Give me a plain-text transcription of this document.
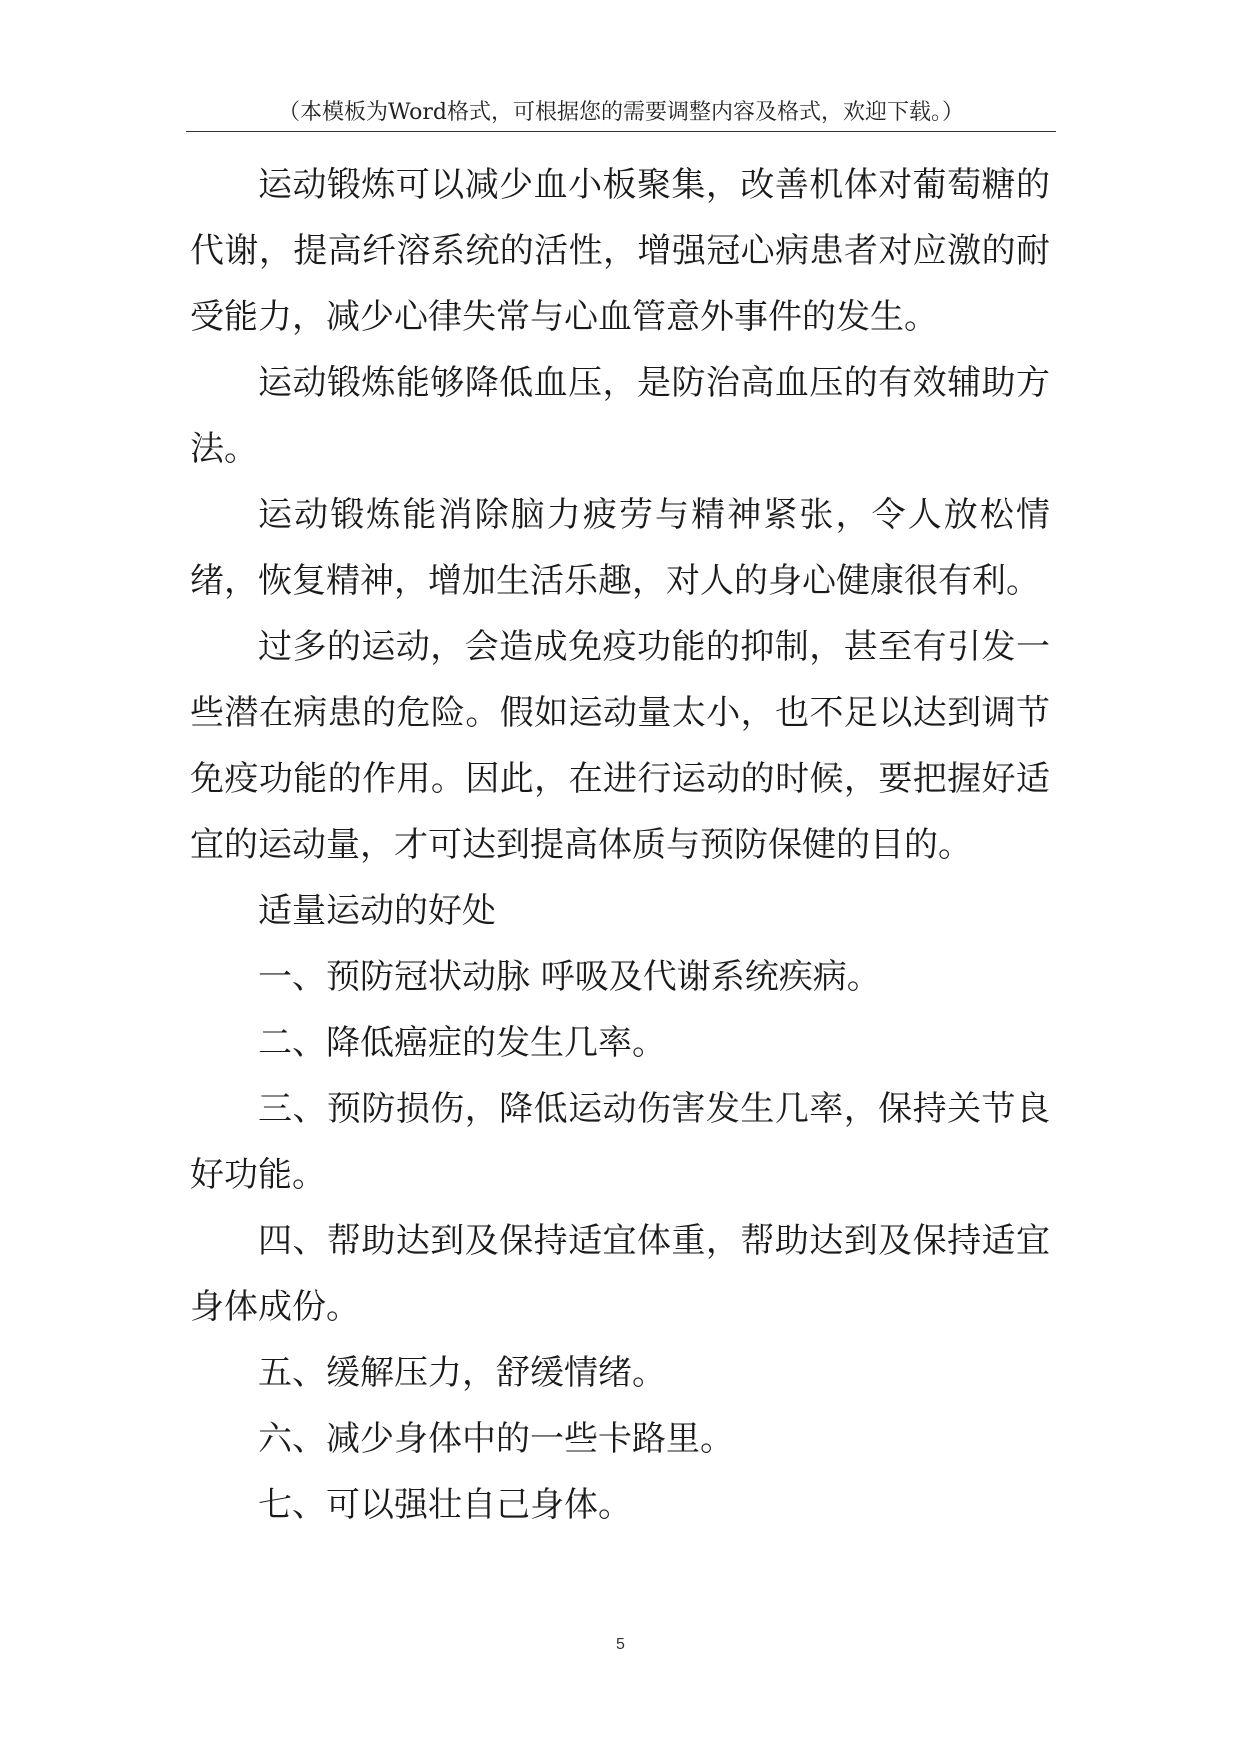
（本模板为Word格式，可根据您的需要调整内容及格式，欢迎下载。）

运动锻炼可以减少血小板聚集，改善机体对葡萄糖的代谢，提高纤溶系统的活性，增强冠心病患者对应激的耐受能力，减少心律失常与心血管意外事件的发生。

运动锻炼能够降低血压，是防治高血压的有效辅助方法。

运动锻炼能消除脑力疲劳与精神紧张，令人放松情绪，恢复精神，增加生活乐趣，对人的身心健康很有利。

过多的运动，会造成免疫功能的抑制，甚至有引发一些潜在病患的危险。假如运动量太小，也不足以达到调节免疫功能的作用。因此，在进行运动的时候，要把握好适宜的运动量，才可达到提高体质与预防保健的目的。

适量运动的好处

一、预防冠状动脉 呼吸及代谢系统疾病。

二、降低癌症的发生几率。

三、预防损伤，降低运动伤害发生几率，保持关节良好功能。

四、帮助达到及保持适宜体重，帮助达到及保持适宜身体成份。

五、缓解压力，舒缓情绪。

六、减少身体中的一些卡路里。

七、可以强壮自己身体。

5
